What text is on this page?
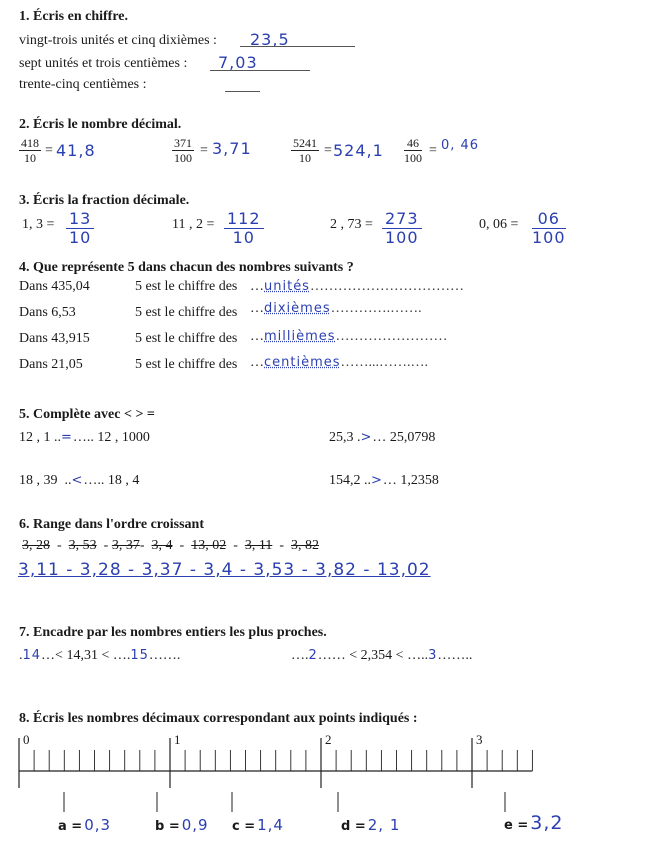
1. Écris en chiffre.
vingt-trois unités et cinq dixièmes : 23,5
sept unités et trois centièmes : 7,03
trente-cinq centièmes :
2. Écris le nombre décimal.
$\frac{418}{10} = 41,8$	$\frac{371}{100} = 3,71$	$\frac{5241}{10} = 524,1 \frac{46}{100} = 0$, 46
3. Écris la fraction décimale.
1, $3 = \frac{13}{10}$	11 , $2 = \frac{112}{10}$	2 , $73 = \frac{273}{100}$	0, $06 = \frac{06}{100}$
4. Que représente 5 dans chacun des nombres suivants ?
Dans 435,04	5 est le chiffre des …unités……………………………
Dans 6,53	5 est le chiffre des …dixièmes………….…….
Dans 43,915	5 est le chiffre des …millièmes……………………
Dans 21,05	5 est le chiffre des …centièmes……...…….….
5. Complète avec < > =
12 , 1 ..=….. 12 , 1000	25,3 .>… 25,0798
18 , 39  ..<….. 18 , 4	154,2 ..>… 1,2358
6. Range dans l'ordre croissant
3, 28  -  3, 53  - 3, 37-  3, 4  -  13, 02  -  3, 11  -  3, 82
3,11 - 3,28 - 3,37 - 3,4 - 3,53 - 3,82 - 13,02
7. Encadre par les nombres entiers les plus proches.
.14…< 14,31 < ….15…….	….2…… < 2,354 < …..3……..
8. Écris les nombres décimaux correspondant aux points indiqués :
0	1	2	3
a = 0,3	b = 0,9 c = 1,4	d = 2, 1	e = 3,2
